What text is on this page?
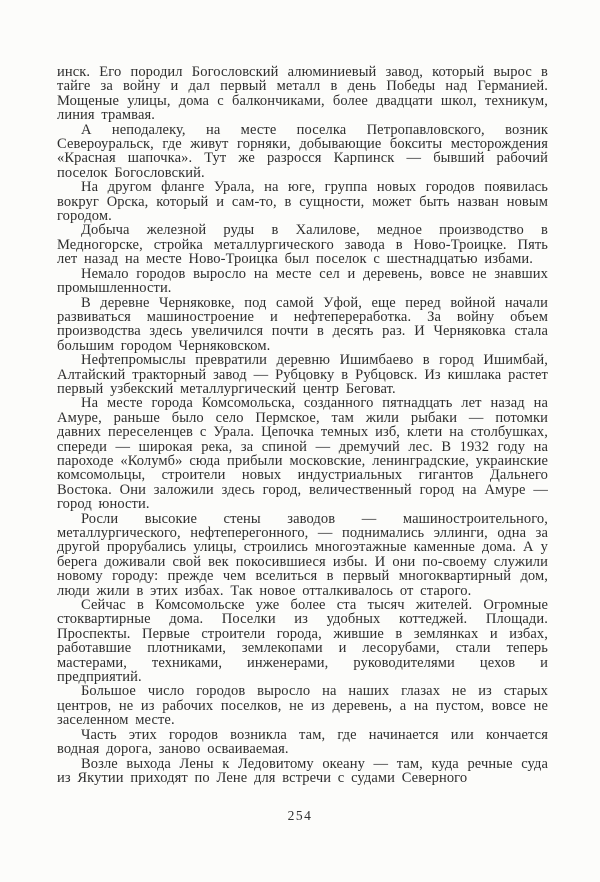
инск. Его породил Богословский алюминиевый завод, который вырос в тайге за войну и дал первый металл в день Победы над Германией. Мощеные улицы, дома с балкончиками, более двадцати школ, техникум, линия трамвая.

А неподалеку, на месте поселка Петропавловского, возник Североуральск, где живут горняки, добывающие бокситы месторождения «Красная шапочка». Тут же разросся Карпинск — бывший рабочий поселок Богословский.

На другом фланге Урала, на юге, группа новых городов появилась вокруг Орска, который и сам-то, в сущности, может быть назван новым городом.

Добыча железной руды в Халилове, медное производство в Медногорске, стройка металлургического завода в Ново-Троицке. Пять лет назад на месте Ново-Троицка был поселок с шестнадцатью избами.

Немало городов выросло на месте сел и деревень, вовсе не знавших промышленности.

В деревне Черняковке, под самой Уфой, еще перед войной начали развиваться машиностроение и нефтепереработка. За войну объем производства здесь увеличился почти в десять раз. И Черняковка стала большим городом Черняковском.

Нефтепромыслы превратили деревню Ишимбаево в город Ишимбай, Алтайский тракторный завод — Рубцовку в Рубцовск. Из кишлака растет первый узбекский металлургический центр Беговат.

На месте города Комсомольска, созданного пятнадцать лет назад на Амуре, раньше было село Пермское, там жили рыбаки — потомки давних переселенцев с Урала. Цепочка темных изб, клети на столбушках, спереди — широкая река, за спиной — дремучий лес. В 1932 году на пароходе «Колумб» сюда прибыли московские, ленинградские, украинские комсомольцы, строители новых индустриальных гигантов Дальнего Востока. Они заложили здесь город, величественный город на Амуре — город юности.

Росли высокие стены заводов — машиностроительного, металлургического, нефтеперегонного, — поднимались эллинги, одна за другой прорубались улицы, строились многоэтажные каменные дома. А у берега доживали свой век покосившиеся избы. И они по-своему служили новому городу: прежде чем вселиться в первый многоквартирный дом, люди жили в этих избах. Так новое отталкивалось от старого.

Сейчас в Комсомольске уже более ста тысяч жителей. Огромные стоквартирные дома. Поселки из удобных коттеджей. Площади. Проспекты. Первые строители города, жившие в землянках и избах, работавшие плотниками, землекопами и лесорубами, стали теперь мастерами, техниками, инженерами, руководителями цехов и предприятий.

Большое число городов выросло на наших глазах не из старых центров, не из рабочих поселков, не из деревень, а на пустом, вовсе не заселенном месте.

Часть этих городов возникла там, где начинается или кончается водная дорога, заново осваиваемая.

Возле выхода Лены к Ледовитому океану — там, куда речные суда из Якутии приходят по Лене для встречи с судами Северного

254
